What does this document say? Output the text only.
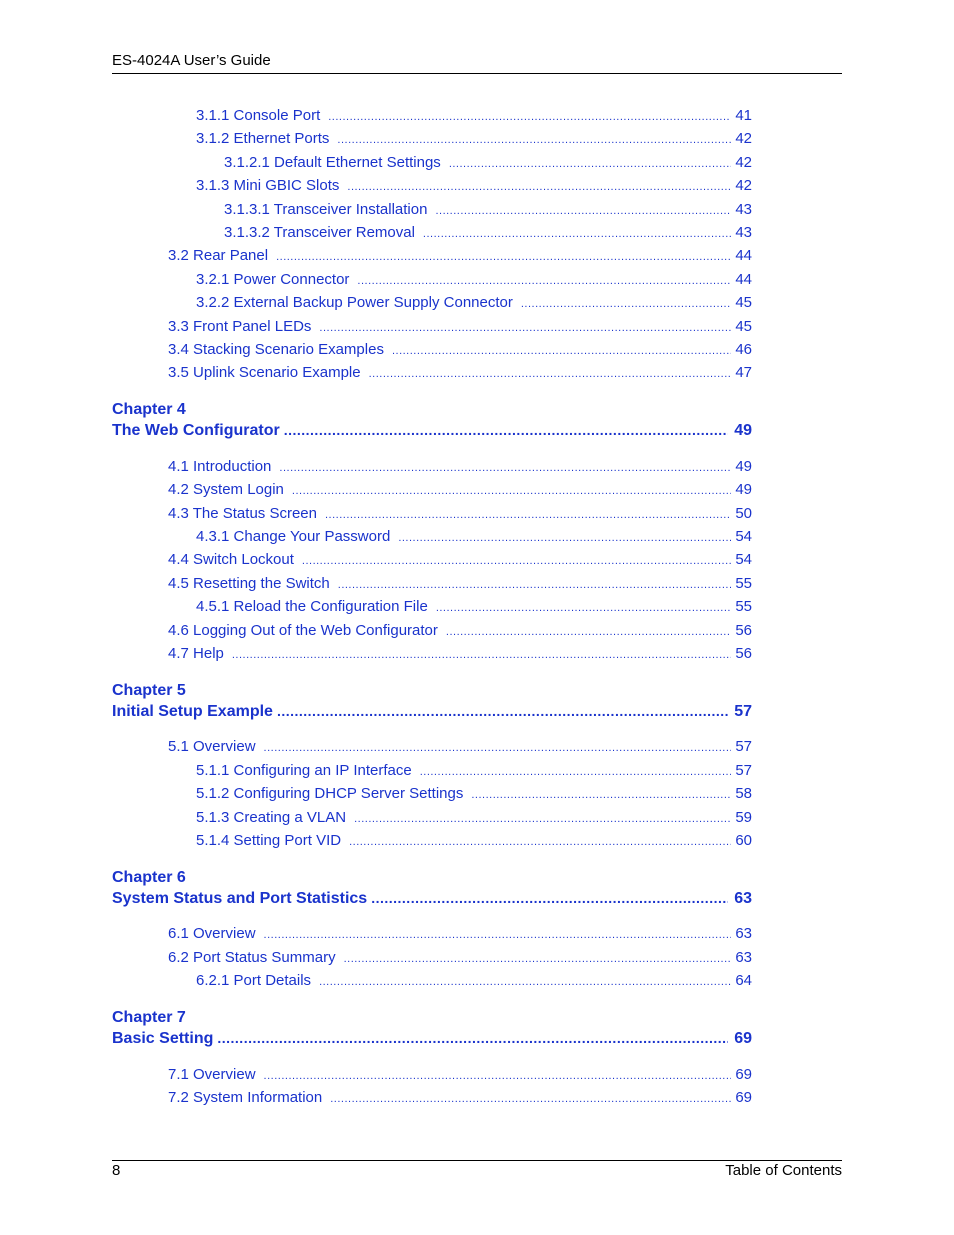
ES-4024A User’s Guide
3.1.1 Console Port .....	41
3.1.2 Ethernet Ports .....	42
3.1.2.1 Default Ethernet Settings .....	42
3.1.3 Mini GBIC Slots .....	42
3.1.3.1 Transceiver Installation .....	43
3.1.3.2 Transceiver Removal .....	43
3.2 Rear Panel .....	44
3.2.1 Power Connector .....	44
3.2.2 External Backup Power Supply Connector .....	45
3.3 Front Panel LEDs .....	45
3.4 Stacking Scenario Examples .....	46
3.5 Uplink Scenario Example .....	47
Chapter 4
The Web Configurator .....	49
4.1 Introduction .....	49
4.2 System Login .....	49
4.3 The Status Screen .....	50
4.3.1 Change Your Password .....	54
4.4 Switch Lockout .....	54
4.5 Resetting the Switch .....	55
4.5.1 Reload the Configuration File .....	55
4.6 Logging Out of the Web Configurator .....	56
4.7 Help .....	56
Chapter 5
Initial Setup Example .....	57
5.1 Overview .....	57
5.1.1 Configuring an IP Interface .....	57
5.1.2 Configuring DHCP Server Settings .....	58
5.1.3 Creating a VLAN .....	59
5.1.4 Setting Port VID .....	60
Chapter 6
System Status and Port Statistics .....	63
6.1 Overview .....	63
6.2 Port Status Summary .....	63
6.2.1 Port Details .....	64
Chapter 7
Basic Setting .....	69
7.1 Overview .....	69
7.2 System Information .....	69
8	Table of Contents
